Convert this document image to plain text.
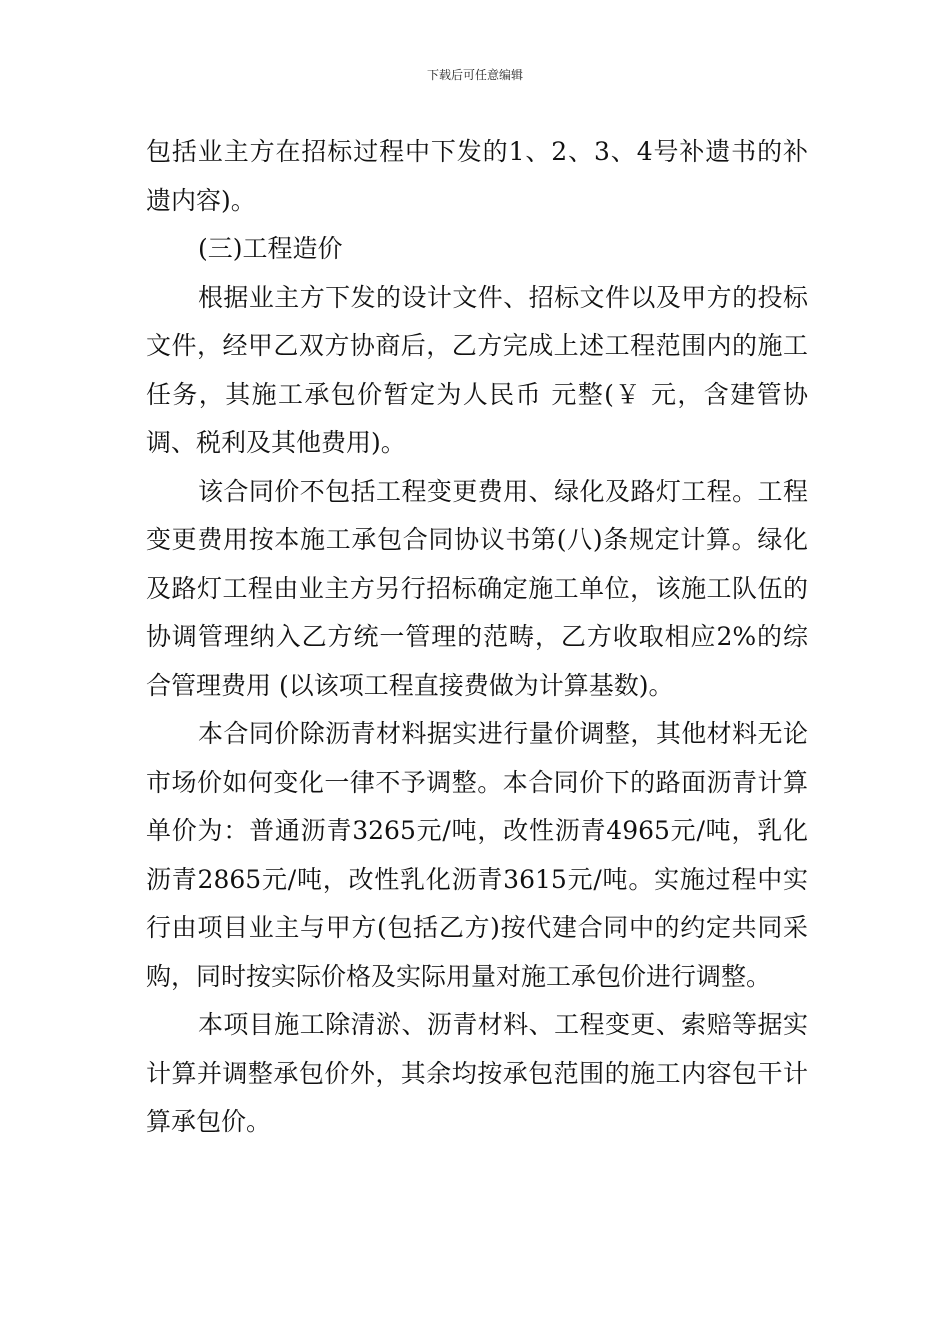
下载后可任意编辑

包括业主方在招标过程中下发的1、2、3、4号补遗书的补遗内容)。

(三)工程造价

根据业主方下发的设计文件、招标文件以及甲方的投标文件，经甲乙双方协商后，乙方完成上述工程范围内的施工任务，其施工承包价暂定为人民币 元整(￥ 元，含建管协调、税利及其他费用)。

该合同价不包括工程变更费用、绿化及路灯工程。工程变更费用按本施工承包合同协议书第(八)条规定计算。绿化及路灯工程由业主方另行招标确定施工单位，该施工队伍的协调管理纳入乙方统一管理的范畴，乙方收取相应2%的综合管理费用 (以该项工程直接费做为计算基数)。

本合同价除沥青材料据实进行量价调整，其他材料无论市场价如何变化一律不予调整。本合同价下的路面沥青计算单价为：普通沥青3265元/吨，改性沥青4965元/吨，乳化沥青2865元/吨，改性乳化沥青3615元/吨。实施过程中实行由项目业主与甲方(包括乙方)按代建合同中的约定共同采购，同时按实际价格及实际用量对施工承包价进行调整。

本项目施工除清淤、沥青材料、工程变更、索赔等据实计算并调整承包价外，其余均按承包范围的施工内容包干计算承包价。
